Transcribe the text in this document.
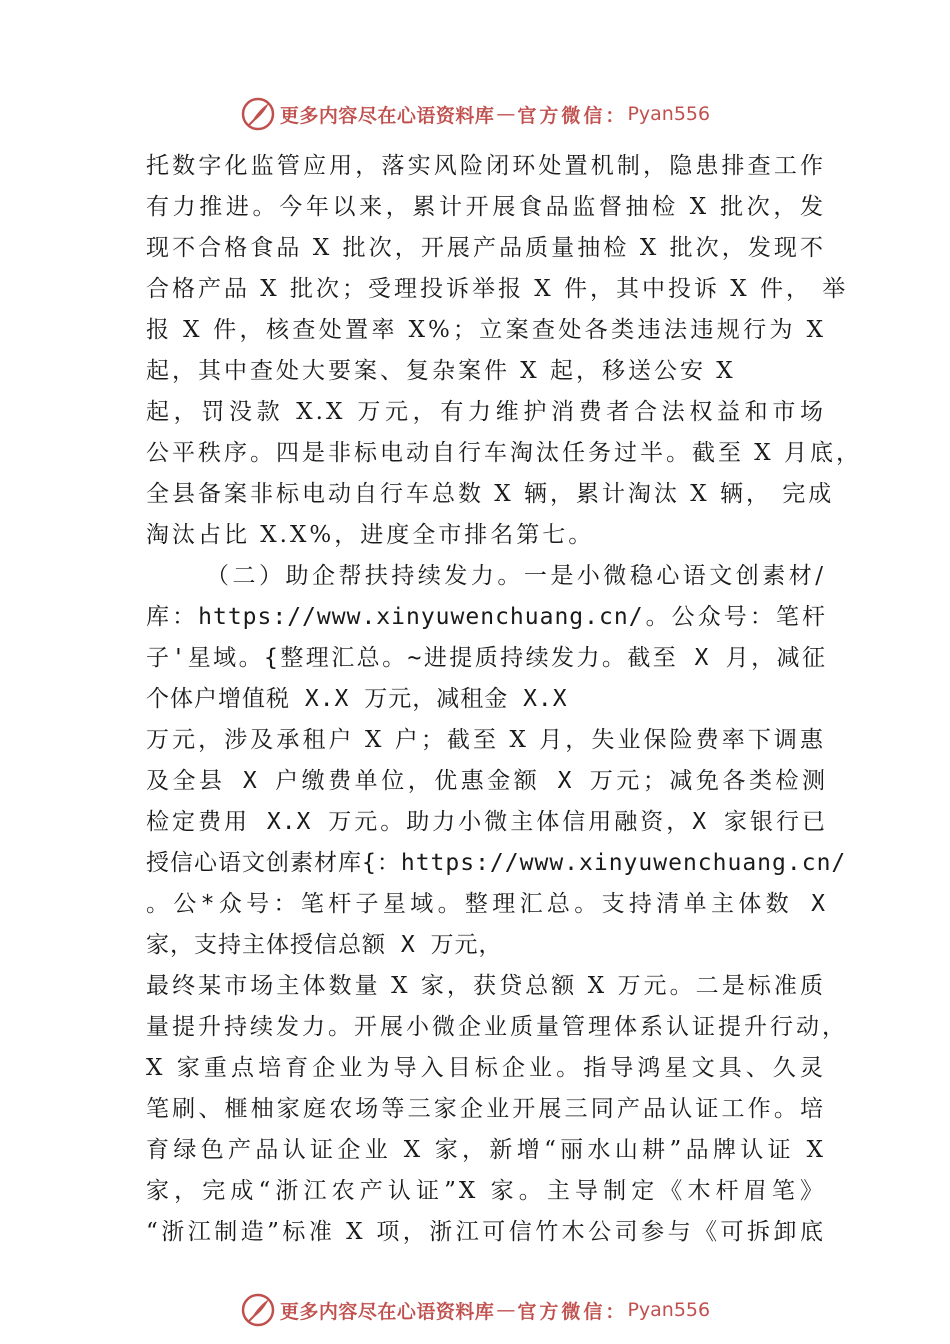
更多内容尽在心语资料库 — 官方微信： Pyan556
托数字化监管应用，落实风险闭环处置机制，隐患排查工作
有力推进。今年以来，累计开展食品监督抽检 X 批次，发
现不合格食品 X 批次，开展产品质量抽检 X 批次，发现不
合格产品 X 批次；受理投诉举报 X 件，其中投诉 X 件， 举
报 X 件，核查处置率 X%；立案查处各类违法违规行为 X
起，其中查处大要案、复杂案件 X 起，移送公安 X
起，罚没款 X.X 万元，有力维护消费者合法权益和市场
公平秩序。四是非标电动自行车淘汰任务过半。截至 X 月底，
全县备案非标电动自行车总数 X 辆，累计淘汰 X 辆， 完成
淘汰占比 X.X%，进度全市排名第七。
（二）助企帮扶持续发力。一是小微稳心语文创素材/
库：https://www.xinyuwenchuang.cn/。公众号：笔杆
子'星域。{整理汇总。~进提质持续发力。截至 X 月，减征
个体户增值税 X.X 万元，减租金 X.X
万元，涉及承租户 X 户；截至 X 月，失业保险费率下调惠
及全县 X 户缴费单位，优惠金额 X 万元；减免各类检测
检定费用 X.X 万元。助力小微主体信用融资，X 家银行已
授信心语文创素材库{：https://www.xinyuwenchuang.cn/
。公*众号：笔杆子星域。整理汇总。支持清单主体数 X
家，支持主体授信总额 X 万元，
最终某市场主体数量 X 家，获贷总额 X 万元。二是标准质
量提升持续发力。开展小微企业质量管理体系认证提升行动，
X 家重点培育企业为导入目标企业。指导鸿星文具、久灵
笔刷、榧柚家庭农场等三家企业开展三同产品认证工作。培
育绿色产品认证企业 X 家，新增“丽水山耕”品牌认证 X
家，完成“浙江农产认证”X 家。主导制定《木杆眉笔》
“浙江制造”标准 X 项，浙江可信竹木公司参与《可拆卸底
更多内容尽在心语资料库 — 官方微信： Pyan556
